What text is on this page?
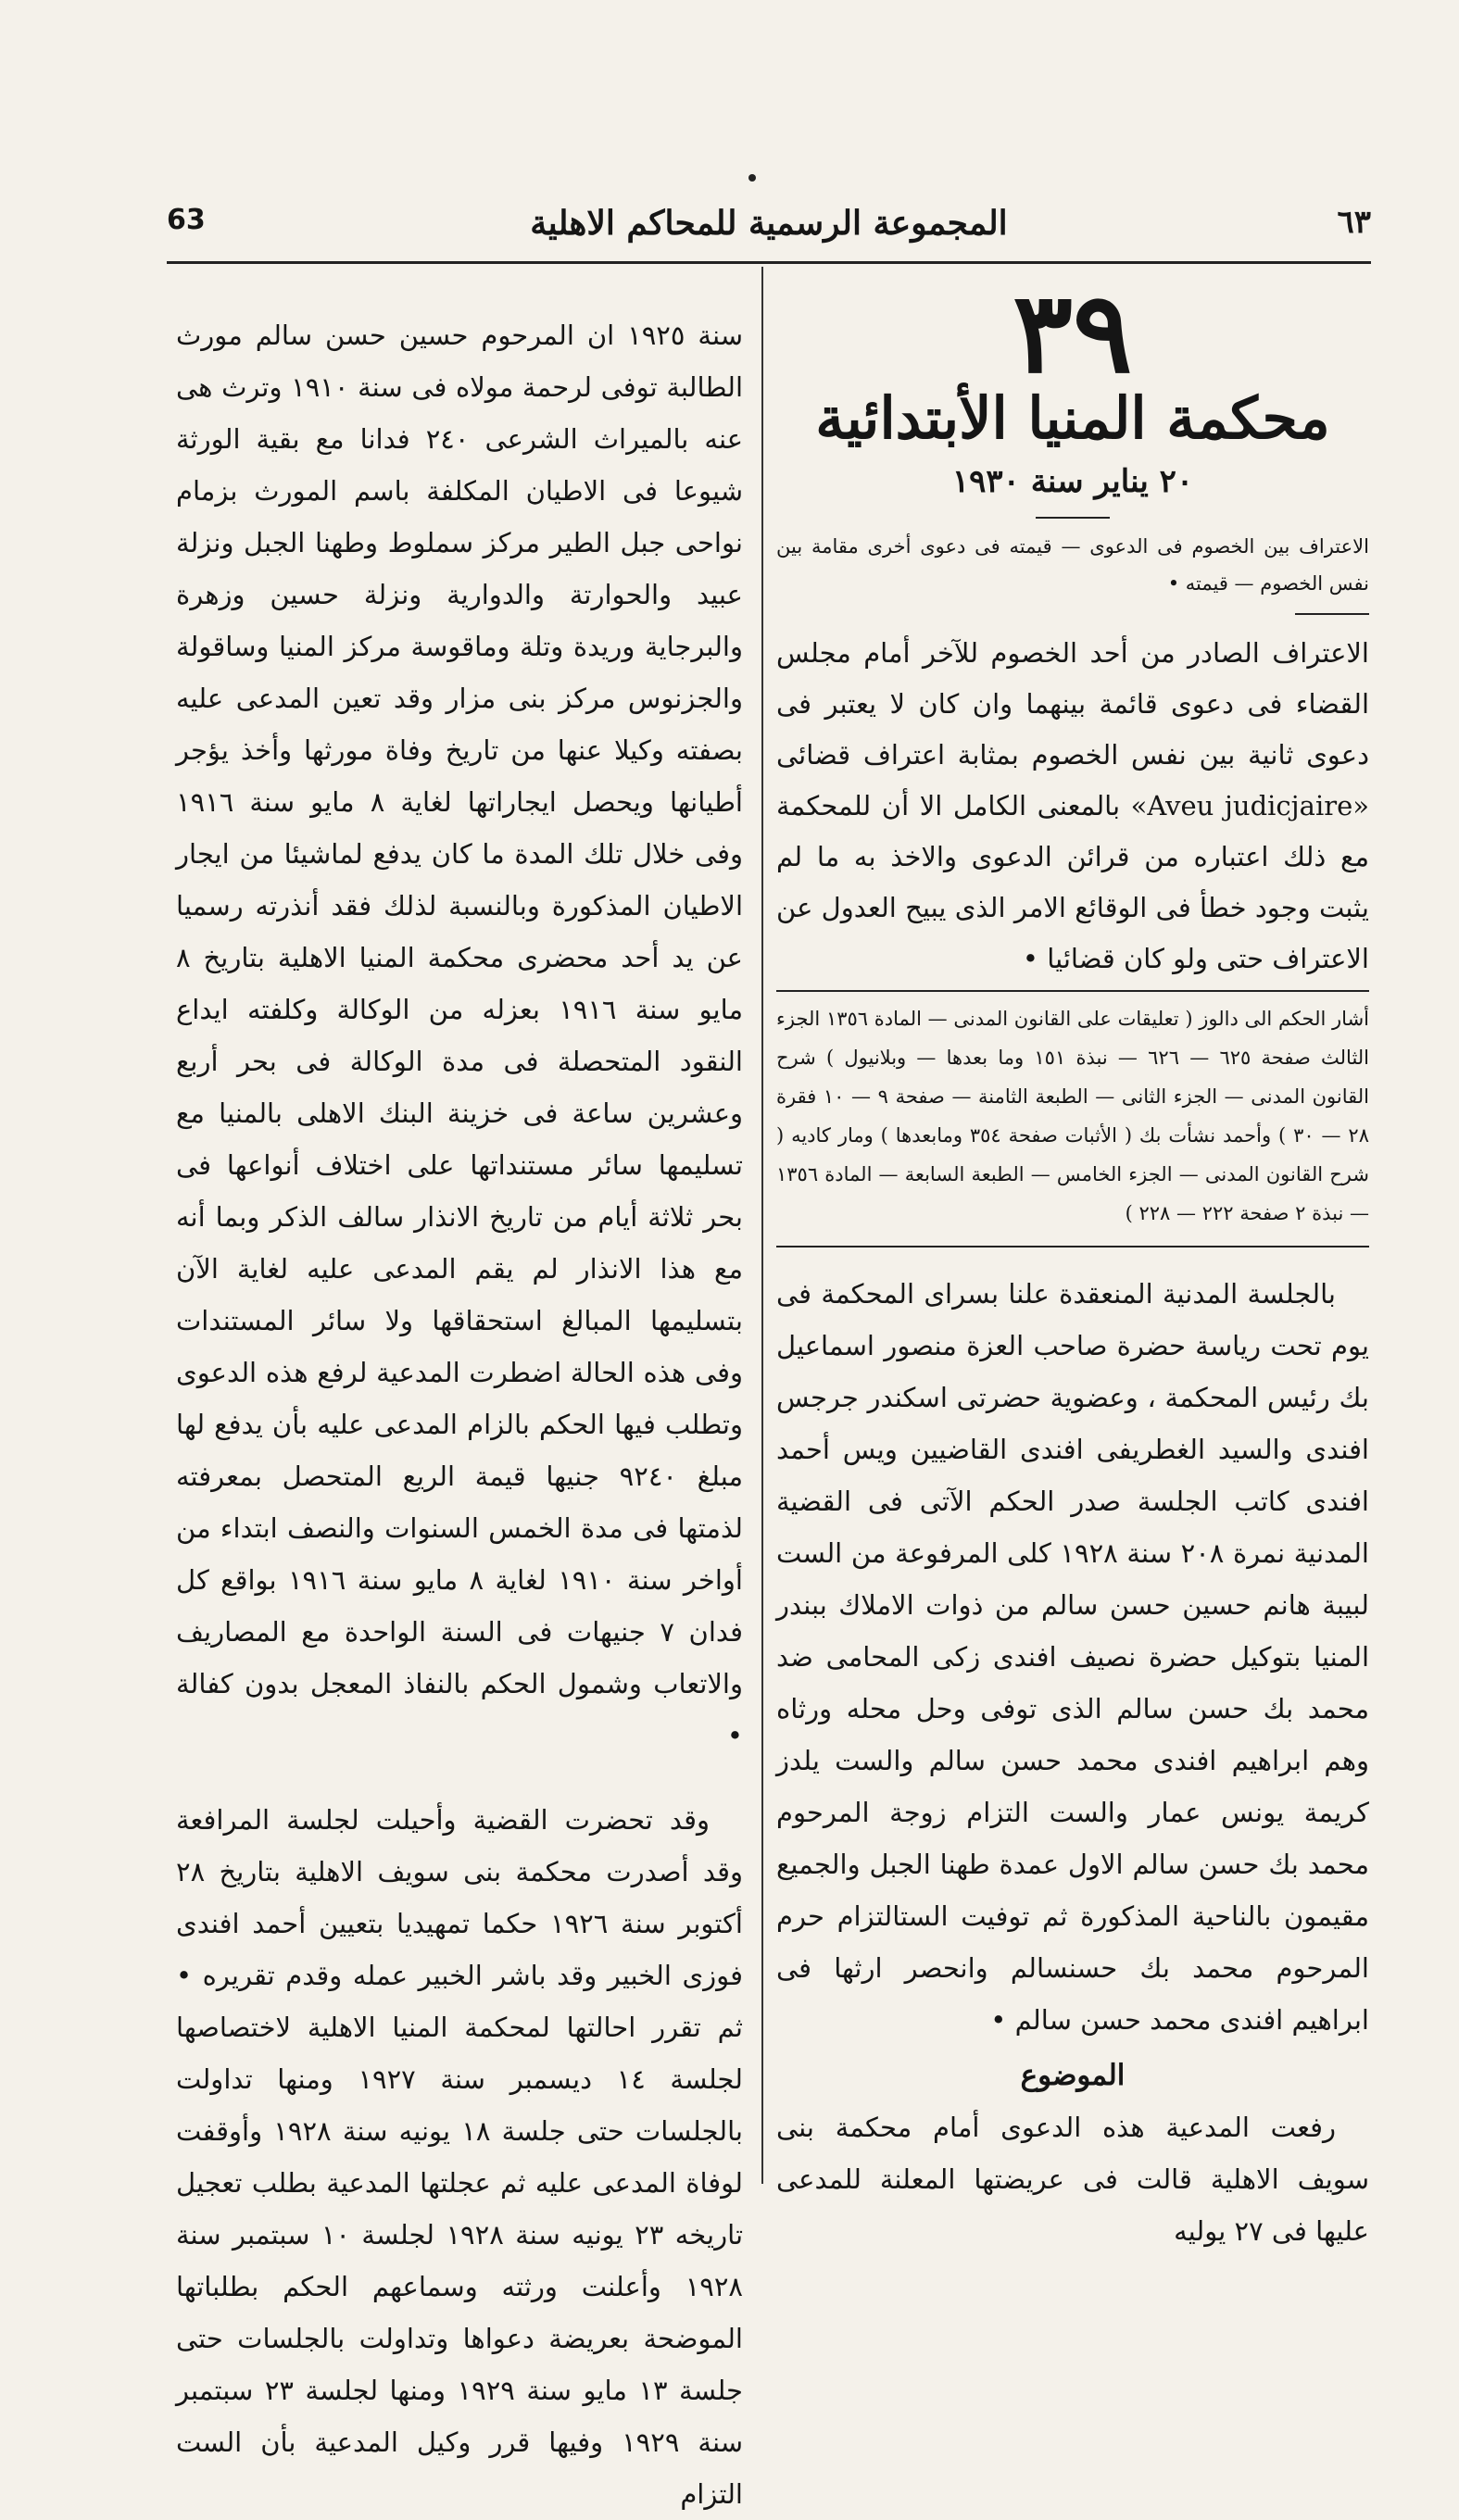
63	المجموعة الرسمية للمحاكم الاهلية	٦٣
٣٩
محكمة المنيا الأبتدائية
٢٠ يناير سنة ١٩٣٠
الاعتراف بين الخصوم فى الدعوى — قيمته فى دعوى أخرى مقامة بين نفس الخصوم — قيمته •
الاعتراف الصادر من أحد الخصوم للآخر أمام مجلس القضاء فى دعوى قائمة بينهما وان كان لا يعتبر فى دعوى ثانية بين نفس الخصوم بمثابة اعتراف قضائى «Aveu judicjaire» بالمعنى الكامل الا أن للمحكمة مع ذلك اعتباره من قرائن الدعوى والاخذ به ما لم يثبت وجود خطأ فى الوقائع الامر الذى يبيح العدول عن الاعتراف حتى ولو كان قضائيا •
أشار الحكم الى دالوز ( تعليقات على القانون المدنى — المادة ١٣٥٦ الجزء الثالث صفحة ٦٢٥ — ٦٢٦ — نبذة ١٥١ وما بعدها — وبلانيول ) شرح القانون المدنى — الجزء الثانى — الطبعة الثامنة — صفحة ٩ — ١٠ فقرة ٢٨ — ٣٠ ) وأحمد نشأت بك ( الأثبات صفحة ٣٥٤ ومابعدها ) ومار كاديه ( شرح القانون المدنى — الجزء الخامس — الطبعة السابعة — المادة ١٣٥٦ — نبذة ٢ صفحة ٢٢٢ — ٢٢٨ )

بالجلسة المدنية المنعقدة علنا بسراى المحكمة فى يوم تحت رياسة حضرة صاحب العزة منصور اسماعيل بك رئيس المحكمة ، وعضوية حضرتى اسكندر جرجس افندى والسيد الغطريفى افندى القاضيين ويس أحمد افندى كاتب الجلسة صدر الحكم الآتى فى القضية المدنية نمرة ٢٠٨ سنة ١٩٢٨ كلى المرفوعة من الست لبيبة هانم حسين حسن سالم من ذوات الاملاك ببندر المنيا بتوكيل حضرة نصيف افندى زكى المحامى ضد محمد بك حسن سالم الذى توفى وحل محله ورثاه وهم ابراهيم افندى محمد حسن سالم والست يلدز كريمة يونس عمار والست التزام زوجة المرحوم محمد بك حسن سالم الاول عمدة طهنا الجبل والجميع مقيمون بالناحية المذكورة ثم توفيت الستالتزام حرم المرحوم محمد بك حسنسالم وانحصر ارثها فى ابراهيم افندى محمد حسن سالم •

الموضوع

رفعت المدعية هذه الدعوى أمام محكمة بنى سويف الاهلية قالت فى عريضتها المعلنة للمدعى عليها فى ٢٧ يوليه

سنة ١٩٢٥ ان المرحوم حسين حسن سالم مورث الطالبة توفى لرحمة مولاه فى سنة ١٩١٠ وترث هى عنه بالميراث الشرعى ٢٤٠ فدانا مع بقية الورثة شيوعا فى الاطيان المكلفة باسم المورث بزمام نواحى جبل الطير مركز سملوط وطهنا الجبل ونزلة عبيد والحوارتة والدوارية ونزلة حسين وزهرة والبرجاية وريدة وتلة وماقوسة مركز المنيا وساقولة والجزنوس مركز بنى مزار وقد تعين المدعى عليه بصفته وكيلا عنها من تاريخ وفاة مورثها وأخذ يؤجر أطيانها ويحصل ايجاراتها لغاية ٨ مايو سنة ١٩١٦ وفى خلال تلك المدة ما كان يدفع لماشيئا من ايجار الاطيان المذكورة وبالنسبة لذلك فقد أنذرته رسميا عن يد أحد محضرى محكمة المنيا الاهلية بتاريخ ٨ مايو سنة ١٩١٦ بعزله من الوكالة وكلفته ايداع النقود المتحصلة فى مدة الوكالة فى بحر أربع وعشرين ساعة فى خزينة البنك الاهلى بالمنيا مع تسليمها سائر مستنداتها على اختلاف أنواعها فى بحر ثلاثة أيام من تاريخ الانذار سالف الذكر وبما أنه مع هذا الانذار لم يقم المدعى عليه لغاية الآن بتسليمها المبالغ استحقاقها ولا سائر المستندات وفى هذه الحالة اضطرت المدعية لرفع هذه الدعوى وتطلب فيها الحكم بالزام المدعى عليه بأن يدفع لها مبلغ ٩٢٤٠ جنيها قيمة الريع المتحصل بمعرفته لذمتها فى مدة الخمس السنوات والنصف ابتداء من أواخر سنة ١٩١٠ لغاية ٨ مايو سنة ١٩١٦ بواقع كل فدان ٧ جنيهات فى السنة الواحدة مع المصاريف والاتعاب وشمول الحكم بالنفاذ المعجل بدون كفالة •

وقد تحضرت القضية وأحيلت لجلسة المرافعة وقد أصدرت محكمة بنى سويف الاهلية بتاريخ ٢٨ أكتوبر سنة ١٩٢٦ حكما تمهيديا بتعيين أحمد افندى فوزى الخبير وقد باشر الخبير عمله وقدم تقريره • ثم تقرر احالتها لمحكمة المنيا الاهلية لاختصاصها لجلسة ١٤ ديسمبر سنة ١٩٢٧ ومنها تداولت بالجلسات حتى جلسة ١٨ يونيه سنة ١٩٢٨ وأوقفت لوفاة المدعى عليه ثم عجلتها المدعية بطلب تعجيل تاريخه ٢٣ يونيه سنة ١٩٢٨ لجلسة ١٠ سبتمبر سنة ١٩٢٨ وأعلنت ورثته وسماعهم الحكم بطلباتها الموضحة بعريضة دعواها وتداولت بالجلسات حتى جلسة ١٣ مايو سنة ١٩٢٩ ومنها لجلسة ٢٣ سبتمبر سنة ١٩٢٩ وفيها قرر وكيل المدعية بأن الست التزام
